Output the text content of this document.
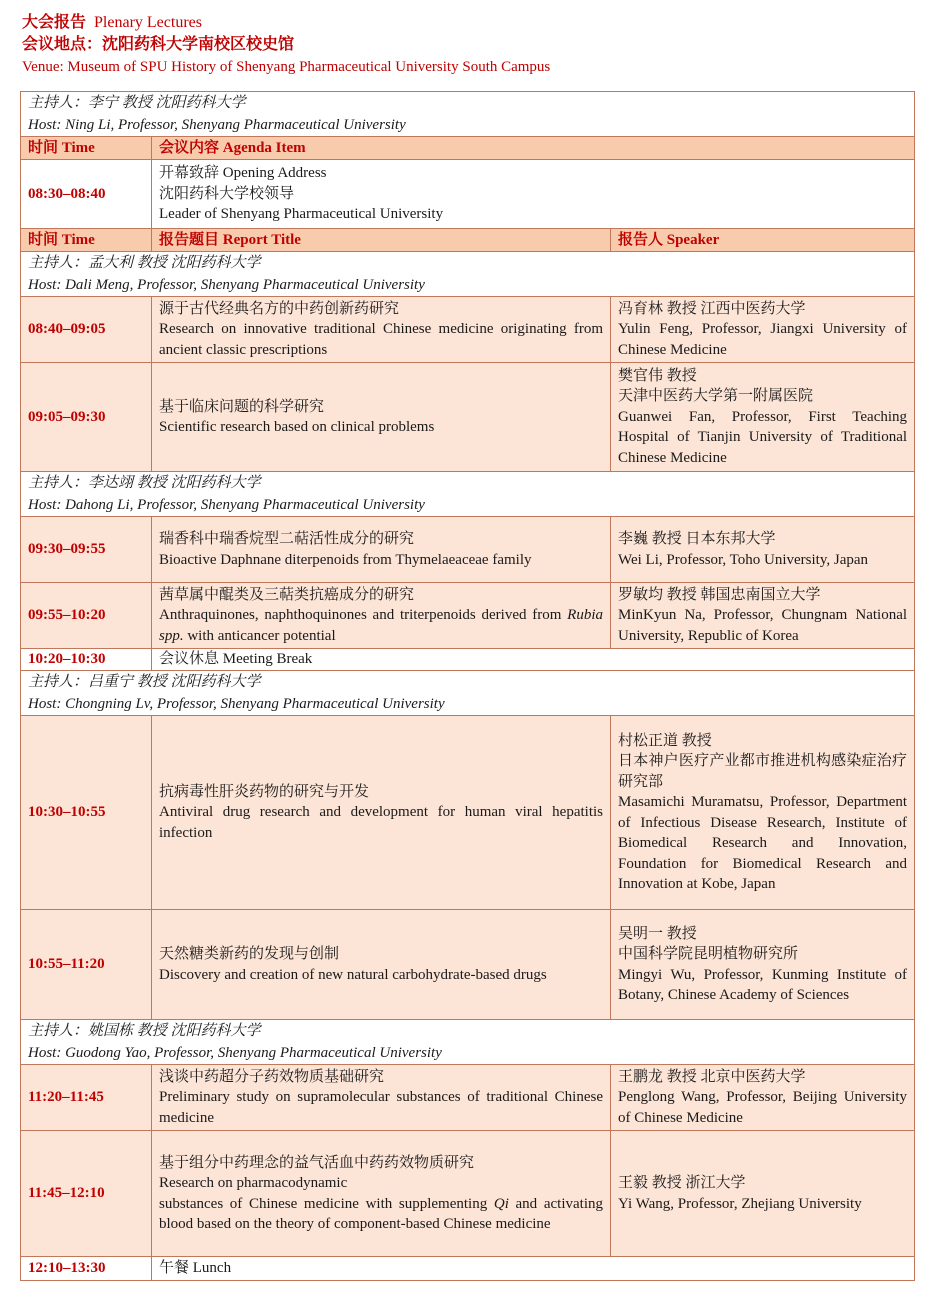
大会报告 Plenary Lectures
会议地点：沈阳药科大学南校区校史馆
Venue: Museum of SPU History of Shenyang Pharmaceutical University South Campus
主持人：李宁 教授 沈阳药科大学
Host: Ning Li, Professor, Shenyang Pharmaceutical University		

时间 Time	会议内容 Agenda Item	
08:30–08:40	开幕致辞 Opening Address
沈阳药科大学校领导
Leader of Shenyang Pharmaceutical University	

时间 Time	报告题目 Report Title	报告人 Speaker

主持人：孟大利 教授 沈阳药科大学
Host: Dali Meng, Professor, Shenyang Pharmaceutical University		

08:40–09:05	源于古代经典名方的中药创新药研究
Research on innovative traditional Chinese medicine originating from ancient classic prescriptions	冯育林 教授 江西中医药大学
Yulin Feng, Professor, Jiangxi University of Chinese Medicine

09:05–09:30	基于临床问题的科学研究
Scientific research based on clinical problems	樊官伟 教授
天津中医药大学第一附属医院
Guanwei Fan, Professor, First Teaching Hospital of Tianjin University of Traditional Chinese Medicine

主持人：李达翊 教授 沈阳药科大学
Host: Dahong Li, Professor, Shenyang Pharmaceutical University		

09:30–09:55	瑞香科中瑞香烷型二萜活性成分的研究
Bioactive Daphnane diterpenoids from Thymelaeaceae family	李巍 教授 日本东邦大学
Wei Li, Professor, Toho University, Japan

09:55–10:20	茜草属中醌类及三萜类抗癌成分的研究
Anthraquinones, naphthoquinones and triterpenoids derived from Rubia spp. with anticancer potential	罗敏均 教授 韩国忠南国立大学
MinKyun Na, Professor, Chungnam National University, Republic of Korea

10:20–10:30	会议休息 Meeting Break	

主持人：吕重宁 教授 沈阳药科大学
Host: Chongning Lv, Professor, Shenyang Pharmaceutical University		

10:30–10:55	抗病毒性肝炎药物的研究与开发
Antiviral drug research and development for human viral hepatitis infection	村松正道 教授
日本神户医疗产业都市推进机构感染症治疗研究部
Masamichi Muramatsu, Professor, Department of Infectious Disease Research, Institute of Biomedical Research and Innovation, Foundation for Biomedical Research and Innovation at Kobe, Japan

10:55–11:20	天然糖类新药的发现与创制
Discovery and creation of new natural carbohydrate-based drugs	吴明一 教授
中国科学院昆明植物研究所
Mingyi Wu, Professor, Kunming Institute of Botany, Chinese Academy of Sciences

主持人：姚国栋 教授 沈阳药科大学
Host: Guodong Yao, Professor, Shenyang Pharmaceutical University		

11:20–11:45	浅谈中药超分子药效物质基础研究
Preliminary study on supramolecular substances of traditional Chinese medicine	王鹏龙 教授 北京中医药大学
Penglong Wang, Professor, Beijing University of Chinese Medicine

11:45–12:10	基于组分中药理念的益气活血中药药效物质研究
Research on pharmacodynamic
substances of Chinese medicine with supplementing Qi and activating blood based on the theory of component-based Chinese medicine	王毅 教授 浙江大学
Yi Wang, Professor, Zhejiang University

12:10–13:30	午餐 Lunch	
